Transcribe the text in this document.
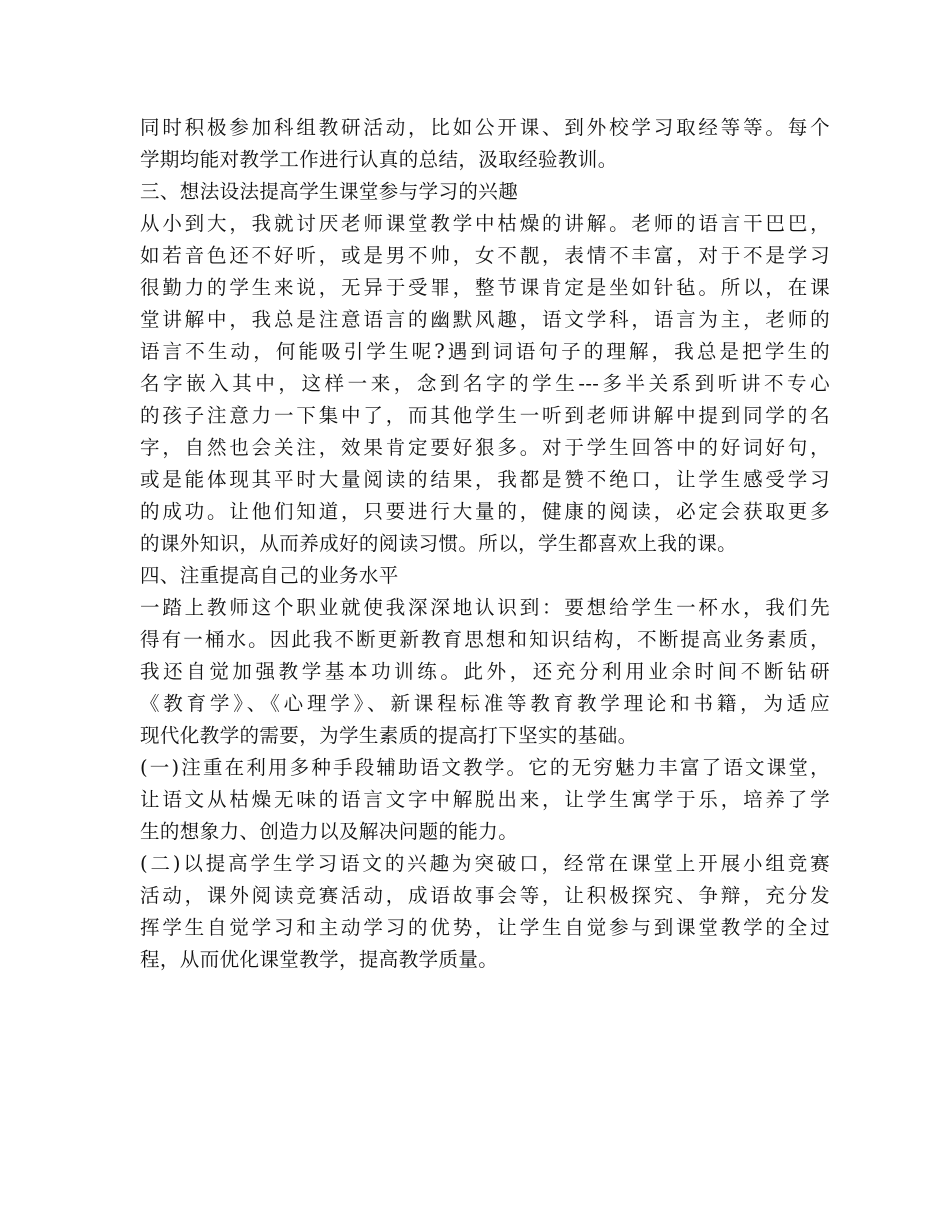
同时积极参加科组教研活动，比如公开课、到外校学习取经等等。每个
学期均能对教学工作进行认真的总结，汲取经验教训。
三、想法设法提高学生课堂参与学习的兴趣
从小到大，我就讨厌老师课堂教学中枯燥的讲解。老师的语言干巴巴，
如若音色还不好听，或是男不帅，女不靓，表情不丰富，对于不是学习
很勤力的学生来说，无异于受罪，整节课肯定是坐如针毡。所以，在课
堂讲解中，我总是注意语言的幽默风趣，语文学科，语言为主，老师的
语言不生动，何能吸引学生呢?遇到词语句子的理解，我总是把学生的
名字嵌入其中，这样一来，念到名字的学生---多半关系到听讲不专心
的孩子注意力一下集中了，而其他学生一听到老师讲解中提到同学的名
字，自然也会关注，效果肯定要好狠多。对于学生回答中的好词好句，
或是能体现其平时大量阅读的结果，我都是赞不绝口，让学生感受学习
的成功。让他们知道，只要进行大量的，健康的阅读，必定会获取更多
的课外知识，从而养成好的阅读习惯。所以，学生都喜欢上我的课。
四、注重提高自己的业务水平
一踏上教师这个职业就使我深深地认识到：要想给学生一杯水，我们先
得有一桶水。因此我不断更新教育思想和知识结构，不断提高业务素质，
我还自觉加强教学基本功训练。此外，还充分利用业余时间不断钻研
《教育学》、《心理学》、新课程标准等教育教学理论和书籍，为适应
现代化教学的需要，为学生素质的提高打下坚实的基础。
(一)注重在利用多种手段辅助语文教学。它的无穷魅力丰富了语文课堂，
让语文从枯燥无味的语言文字中解脱出来，让学生寓学于乐，培养了学
生的想象力、创造力以及解决问题的能力。
(二)以提高学生学习语文的兴趣为突破口，经常在课堂上开展小组竞赛
活动，课外阅读竞赛活动，成语故事会等，让积极探究、争辩，充分发
挥学生自觉学习和主动学习的优势，让学生自觉参与到课堂教学的全过
程，从而优化课堂教学，提高教学质量。
